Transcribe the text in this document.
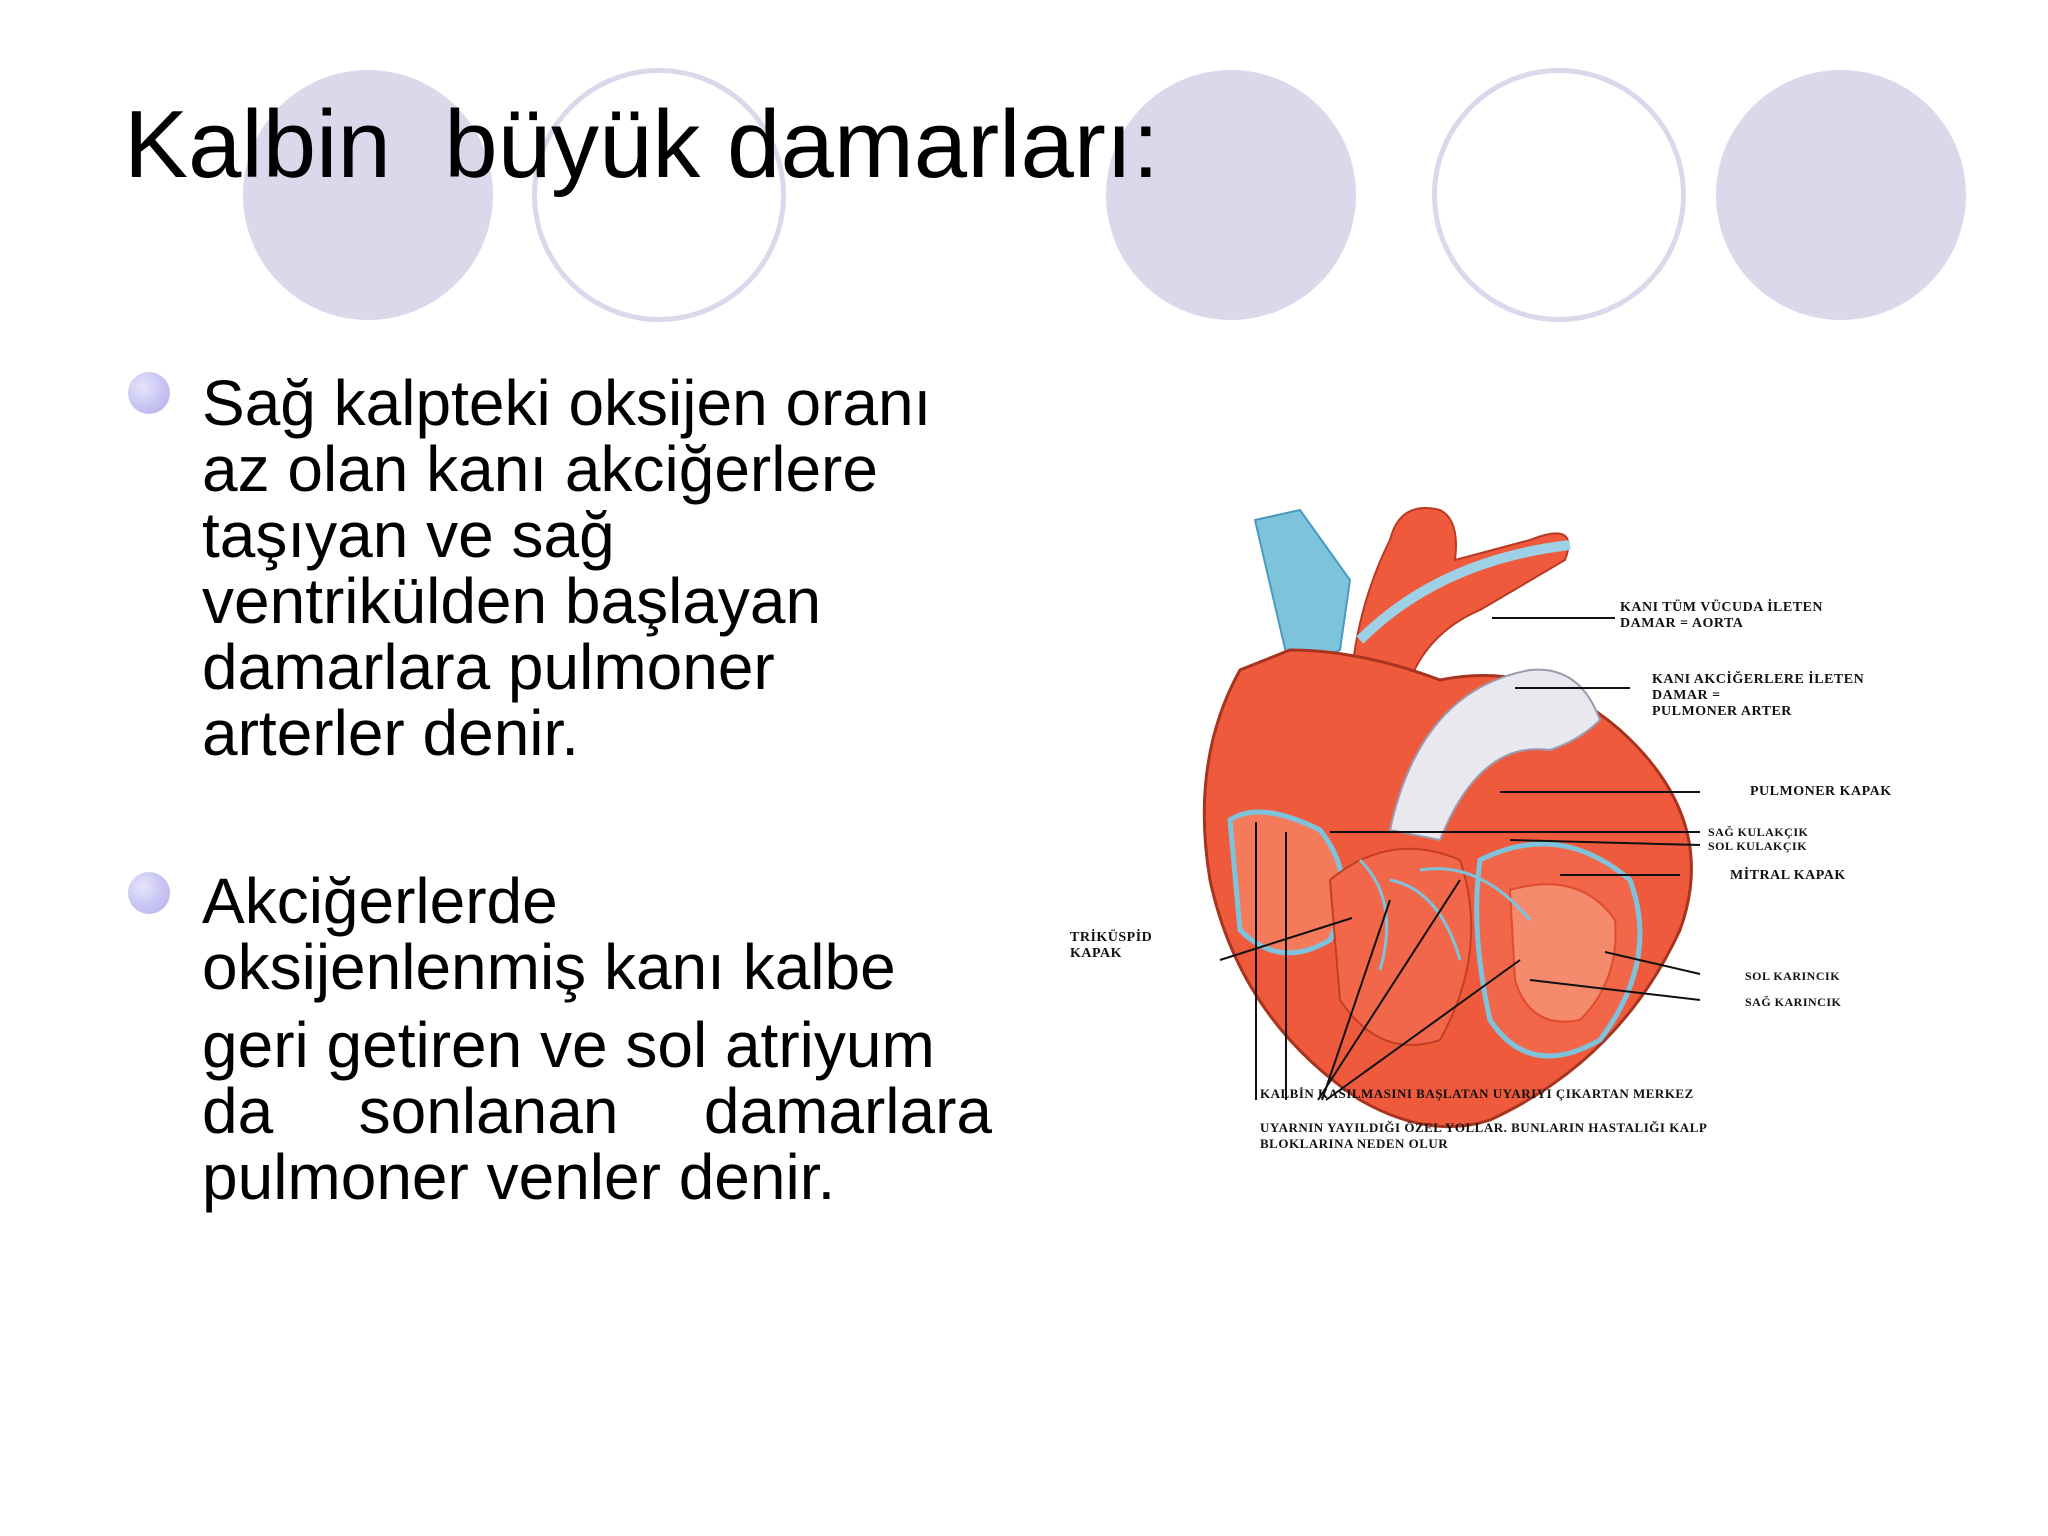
Kalbin  büyük damarları:
Sağ kalpteki oksijen oranı
az olan kanı akciğerlere
taşıyan ve sağ
ventrikülden başlayan
damarlara pulmoner
arterler denir.
Akciğerlerde
oksijenlenmiş kanı kalbe
geri getiren ve sol atriyum
da sonlanan damarlara
pulmoner venler denir.
KANI TÜM VÜCUDA İLETEN
DAMAR = AORTA
KANI AKCİĞERLERE İLETEN
DAMAR =
PULMONER ARTER
PULMONER KAPAK
SAĞ KULAKÇIK
SOL KULAKÇIK
MİTRAL KAPAK
TRİKÜSPİD
KAPAK
SOL KARINCIK
SAĞ KARINCIK
KALBİN KASILMASINI BAŞLATAN UYARIYI ÇIKARTAN MERKEZ
UYARNIN YAYILDIĞI ÖZEL YOLLAR. BUNLARIN HASTALIĞI KALP
BLOKLARINA NEDEN OLUR
